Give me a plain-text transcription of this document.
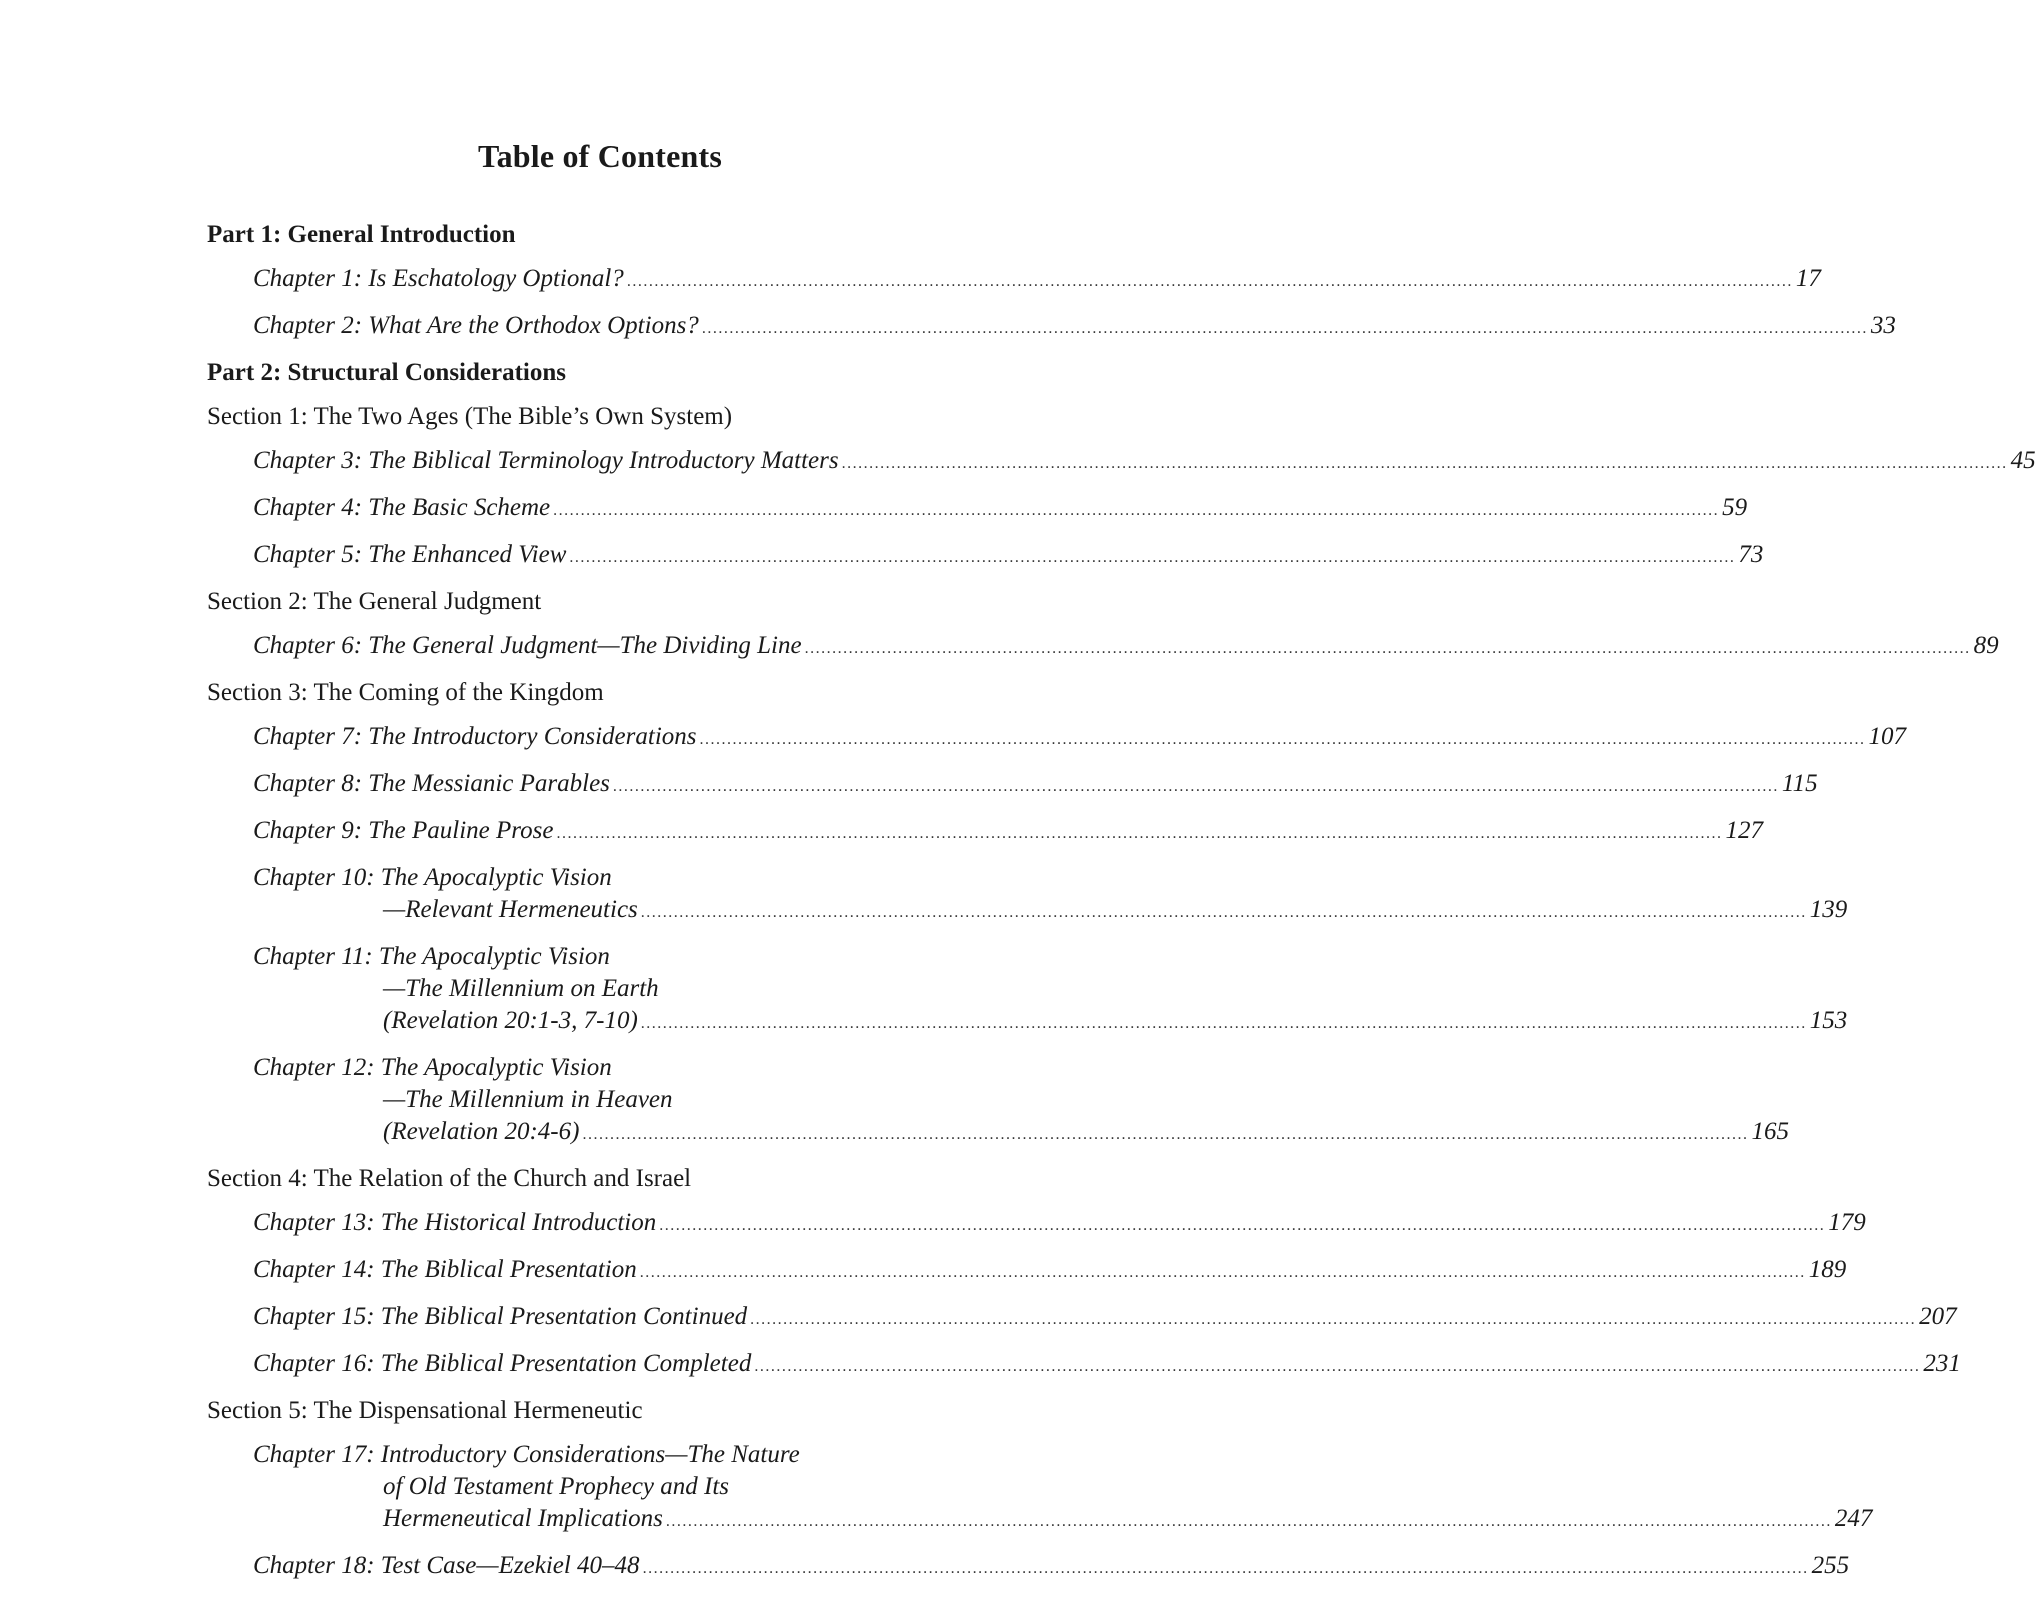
Table of Contents
Part 1: General Introduction
Chapter 1: Is Eschatology Optional? .....	17
Chapter 2: What Are the Orthodox Options? .....	33
Part 2: Structural Considerations
Section 1: The Two Ages (The Bible’s Own System)
Chapter 3: The Biblical Terminology Introductory Matters .....	45
Chapter 4: The Basic Scheme .....	59
Chapter 5: The Enhanced View .....	73
Section 2: The General Judgment
Chapter 6: The General Judgment—The Dividing Line .....	89
Section 3: The Coming of the Kingdom
Chapter 7: The Introductory Considerations .....	107
Chapter 8: The Messianic Parables .....	115
Chapter 9: The Pauline Prose .....	127
Chapter 10: The Apocalyptic Vision
—Relevant Hermeneutics .....	139
Chapter 11: The Apocalyptic Vision
—The Millennium on Earth
(Revelation 20:1-3, 7-10) .....	153
Chapter 12: The Apocalyptic Vision
—The Millennium in Heaven
(Revelation 20:4-6) .....	165
Section 4: The Relation of the Church and Israel
Chapter 13: The Historical Introduction .....	179
Chapter 14: The Biblical Presentation .....	189
Chapter 15: The Biblical Presentation Continued .....	207
Chapter 16: The Biblical Presentation Completed .....	231
Section 5: The Dispensational Hermeneutic
Chapter 17: Introductory Considerations—The Nature
of Old Testament Prophecy and Its
Hermeneutical Implications .....	247
Chapter 18: Test Case—Ezekiel 40–48 .....	255
